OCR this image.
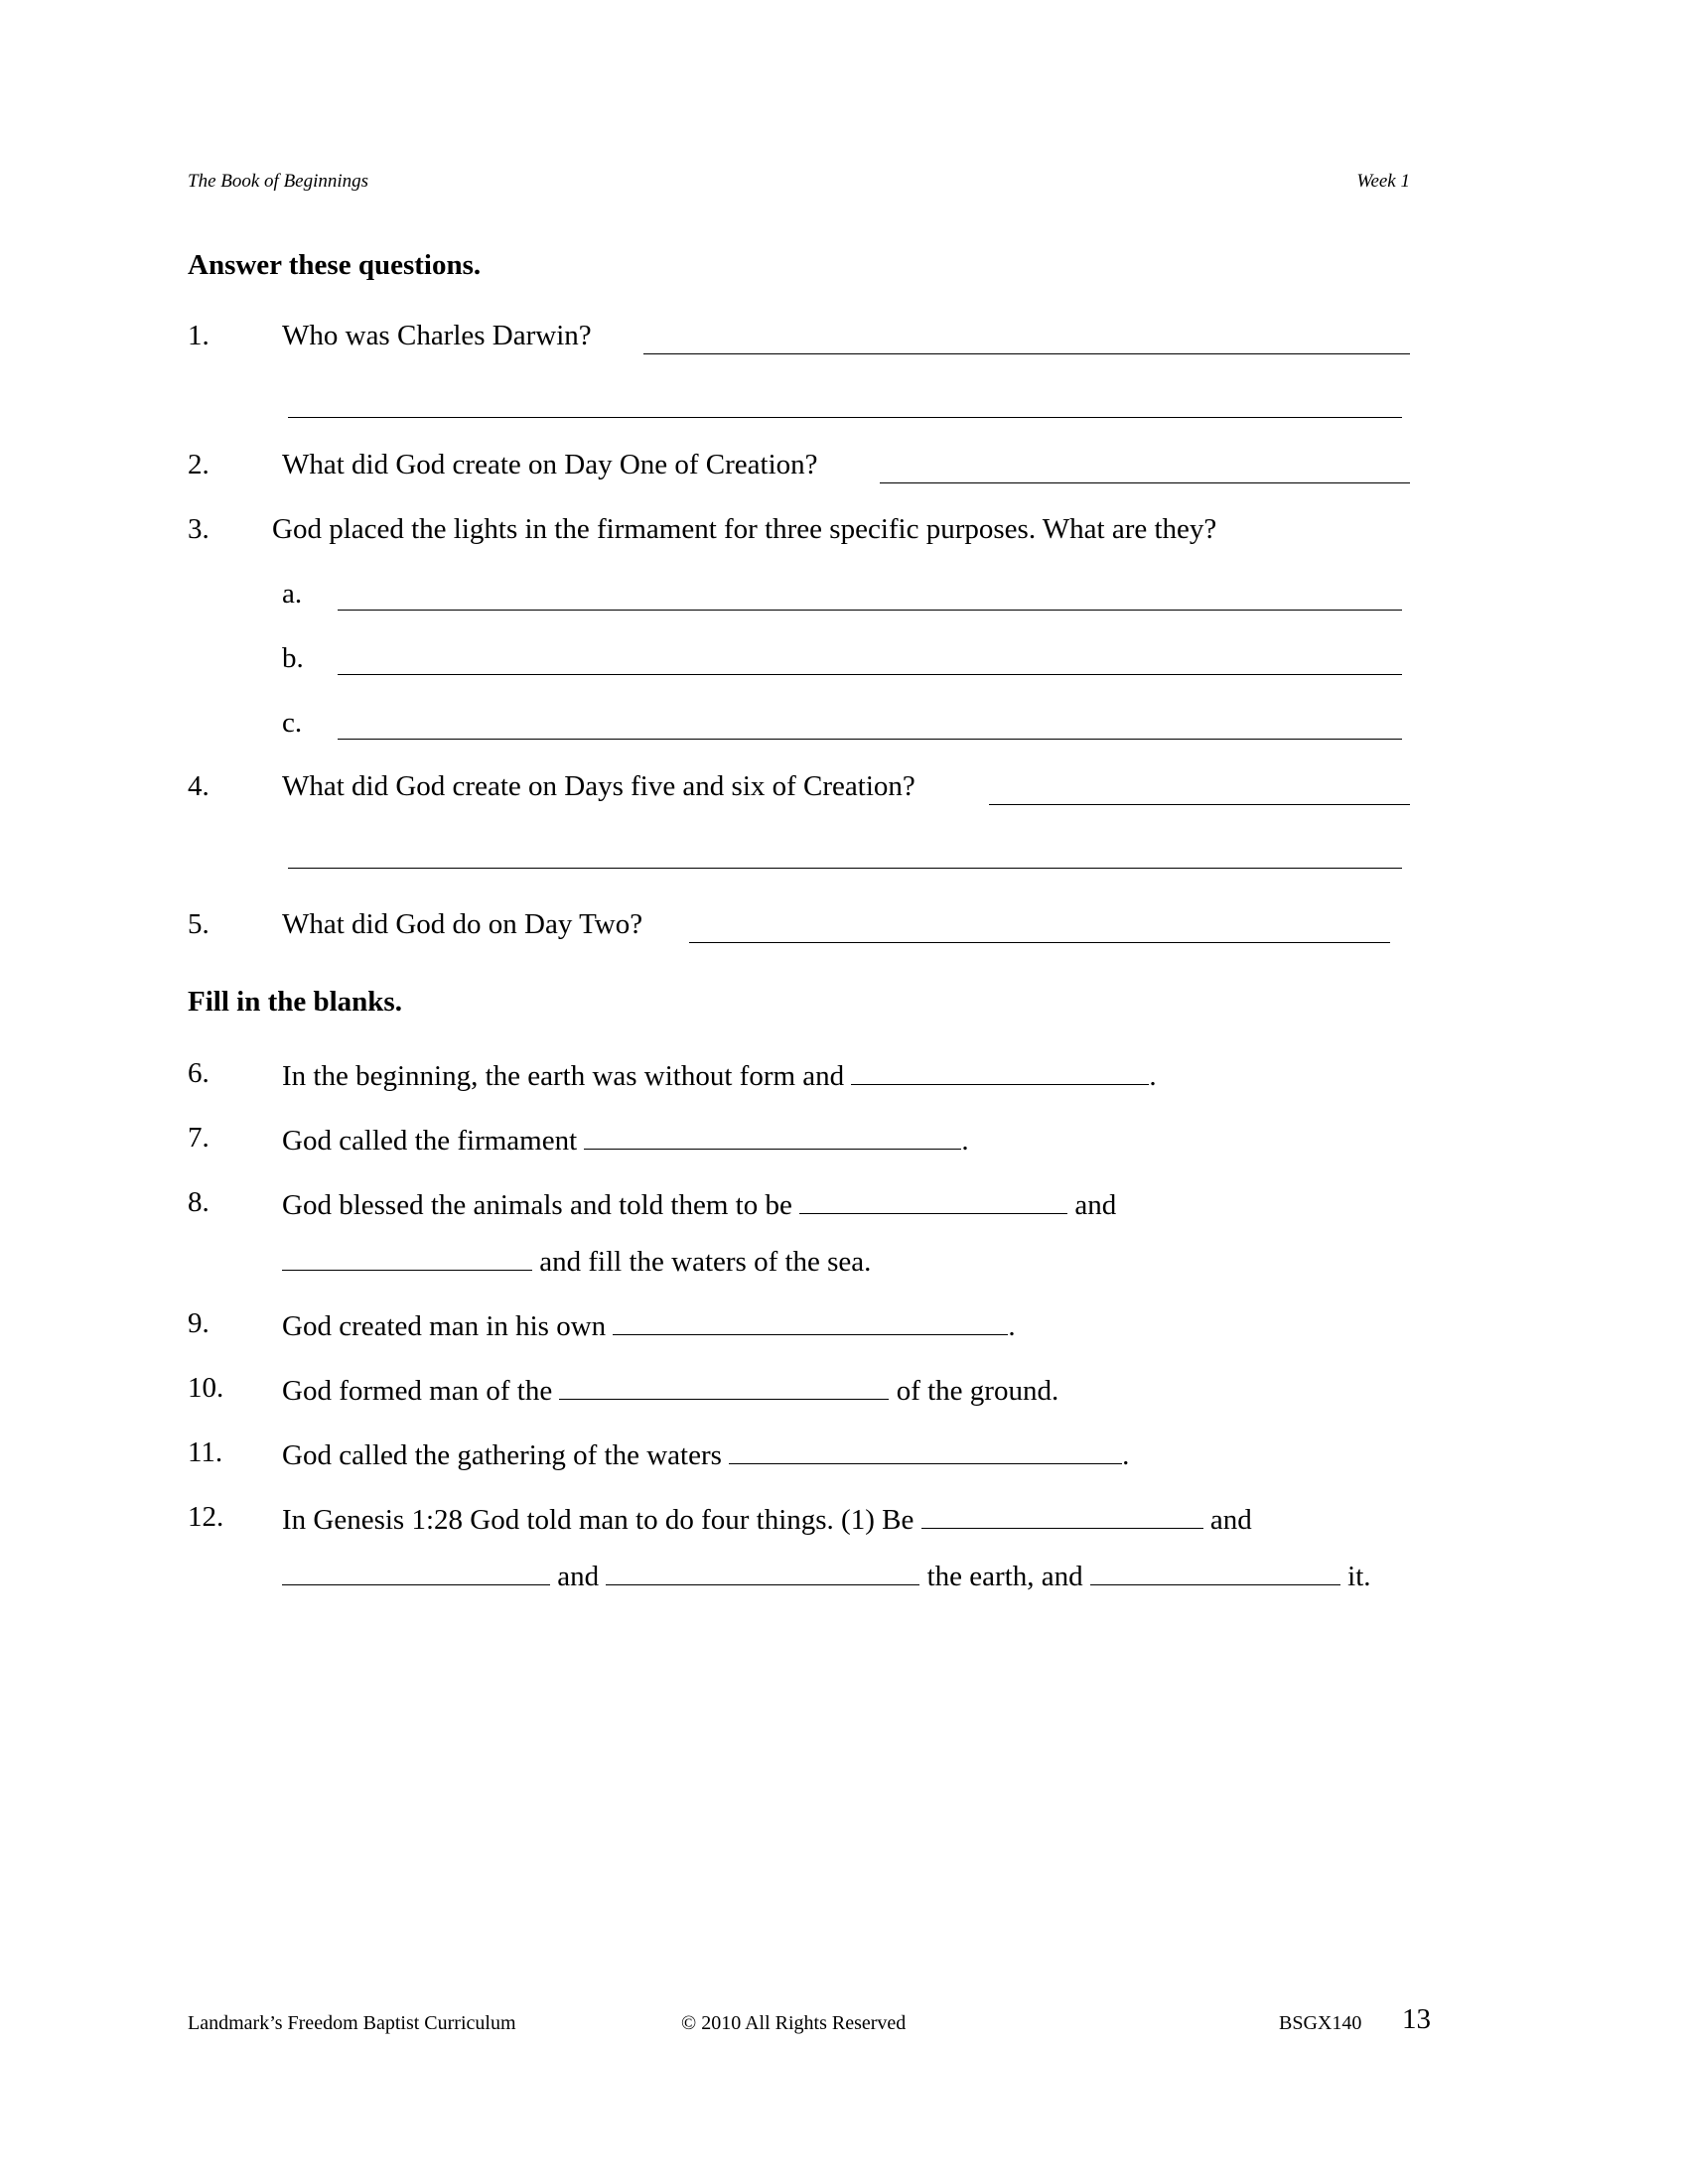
The Book of Beginnings	Week 1
Answer these questions.
1.	Who was Charles Darwin?
2.	What did God create on Day One of Creation?
3. God placed the lights in the firmament for three specific purposes. What are they?
a.
b.
c.
4.	What did God create on Days five and six of Creation?
5.	What did God do on Day Two?
Fill in the blanks.
6.	In the beginning, the earth was without form and	.
7.	God called the firmament	.
8.	God blessed the animals and told them to be	and
and fill the waters of the sea.
9.	God created man in his own	.
10. God formed man of the	of the ground.
11. God called the gathering of the waters	.
12. In Genesis 1:28 God told man to do four things. (1) Be	and
and	the earth, and	it.
Landmark’s Freedom Baptist Curriculum	© 2010 All Rights Reserved	BSGX140 13
